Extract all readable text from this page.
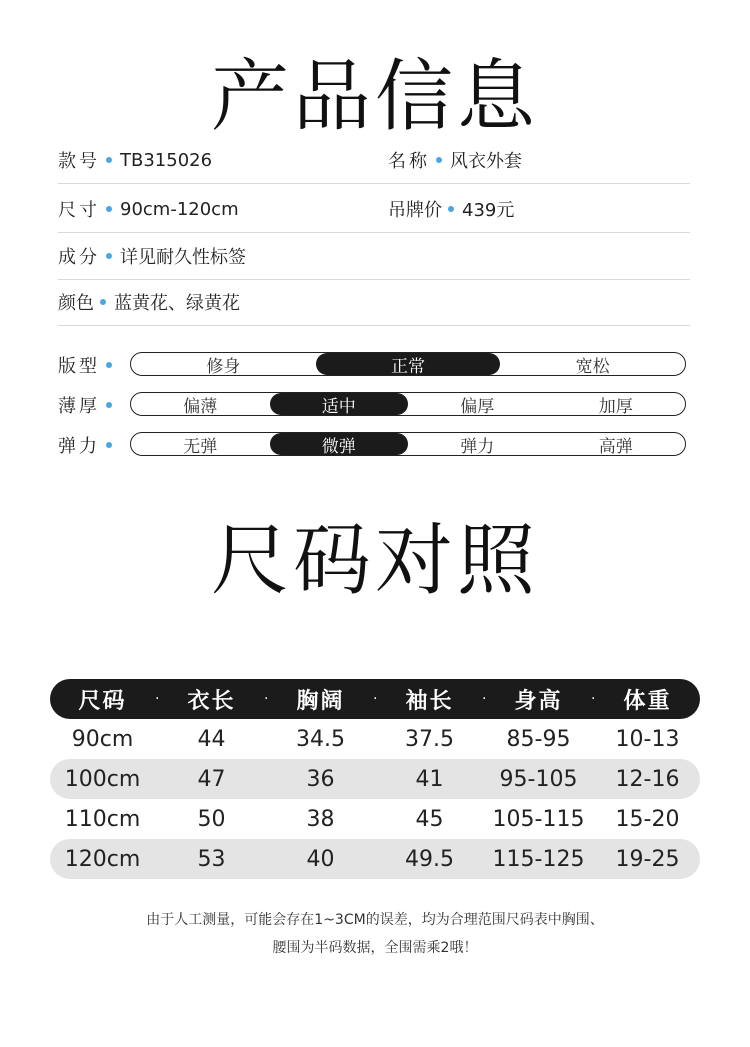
产品信息
款号 TB315026	名称 风衣外套
尺寸 90cm-120cm	吊牌价 439元
成分 详见耐久性标签
颜色 蓝黄花、绿黄花
版型	修身	正常	宽松
薄厚	偏薄	适中	偏厚	加厚
弹力	无弹	微弹	弹力	高弹
尺码对照
尺码	·	衣长	·	胸阔	·	袖长	·	身高	·	体重
90cm	44	34.5	37.5	85-95	10-13
100cm	47	36	41	95-105	12-16
110cm	50	38	45	105-115	15-20
120cm	53	40	49.5	115-125	19-25
由于人工测量，可能会存在1~3CM的误差，均为合理范围尺码表中胸围、
腰围为半码数据，全围需乘2哦！
